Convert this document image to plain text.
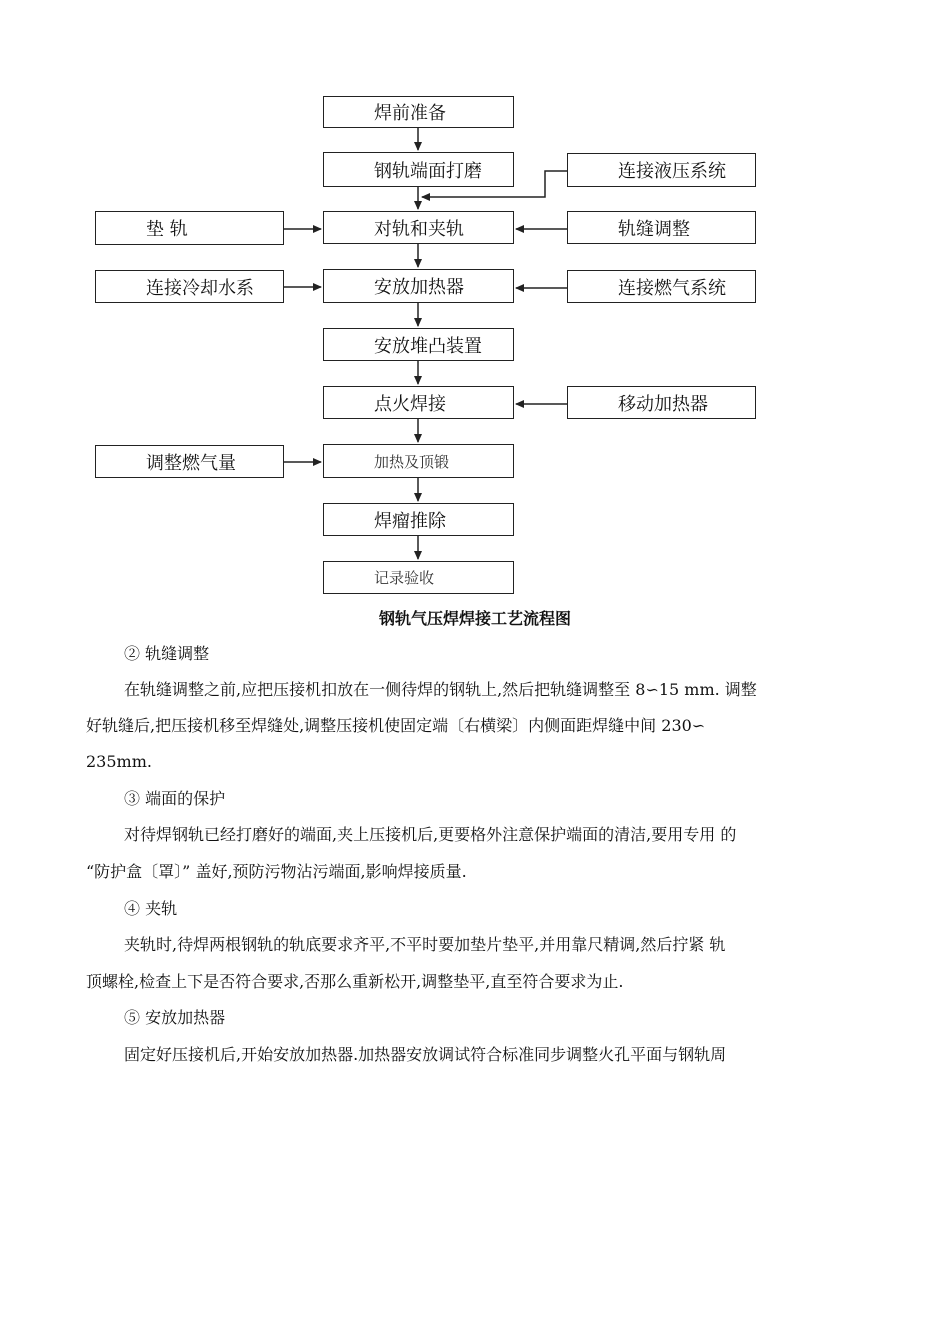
焊前准备
钢轨端面打磨
对轨和夹轨
安放加热器
安放堆凸装置
点火焊接
加热及顶锻
焊瘤推除
记录验收
垫 轨
连接冷却水系
调整燃气量
连接液压系统
轨缝调整
连接燃气系统
移动加热器
钢轨气压焊焊接工艺流程图
② 轨缝调整
在轨缝调整之前,应把压接机扣放在一侧待焊的钢轨上,然后把轨缝调整至 8∽15 mm. 调整
好轨缝后,把压接机移至焊缝处,调整压接机使固定端〔右横梁〕内侧面距焊缝中间 230∽
235mm.
③ 端面的保护
对待焊钢轨已经打磨好的端面,夹上压接机后,更要格外注意保护端面的清洁,要用专用 的
“防护盒〔罩〕” 盖好,预防污物沾污端面,影响焊接质量.
④ 夹轨
夹轨时,待焊两根钢轨的轨底要求齐平,不平时要加垫片垫平,并用靠尺精调,然后拧紧 轨
顶螺栓,检查上下是否符合要求,否那么重新松开,调整垫平,直至符合要求为止.
⑤ 安放加热器
固定好压接机后,开始安放加热器.加热器安放调试符合标准同步调整火孔平面与钢轨周
